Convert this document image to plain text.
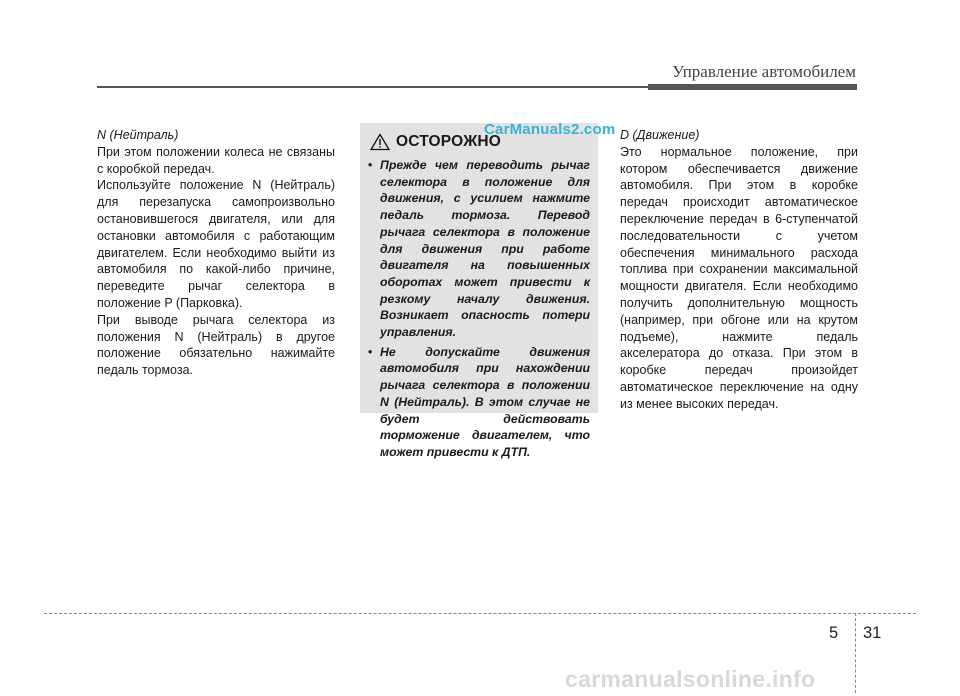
Управление автомобилем

N (Нейтраль)

При этом положении колеса не связаны с коробкой передач.

Используйте положение N (Нейтраль) для перезапуска самопроизвольно остановившегося двигателя, или для остановки автомобиля с работающим двигателем. Если необходимо выйти из автомобиля по какой-либо причине, переведите рычаг селектора в положение P (Парковка).

При выводе рычага селектора из положения N (Нейтраль) в другое положение обязательно нажимайте педаль тормоза.

ОСТОРОЖНО
• Прежде чем переводить рычаг селектора в положение для движения, с усилием нажмите педаль тормоза. Перевод рычага селектора в положение для движения при работе двигателя на повышенных оборотах может привести к резкому началу движения. Возникает опасность потери управления.
• Не допускайте движения автомобиля при нахождении рычага селектора в положении N (Нейтраль). В этом случае не будет действовать торможение двигателем, что может привести к ДТП.
CarManuals2.com D (Движение)

Это нормальное положение, при котором обеспечивается движение автомобиля. При этом в коробке передач происходит автоматическое переключение передач в 6-ступенчатой последовательности с учетом обеспечения минимального расхода топлива при сохранении максимальной мощности двигателя. Если необходимо получить дополнительную мощность (например, при обгоне или на крутом подъеме), нажмите педаль акселератора до отказа. При этом в коробке передач произойдет автоматическое переключение на одну из менее высоких передач.

5 31
carmanualsonline.info
